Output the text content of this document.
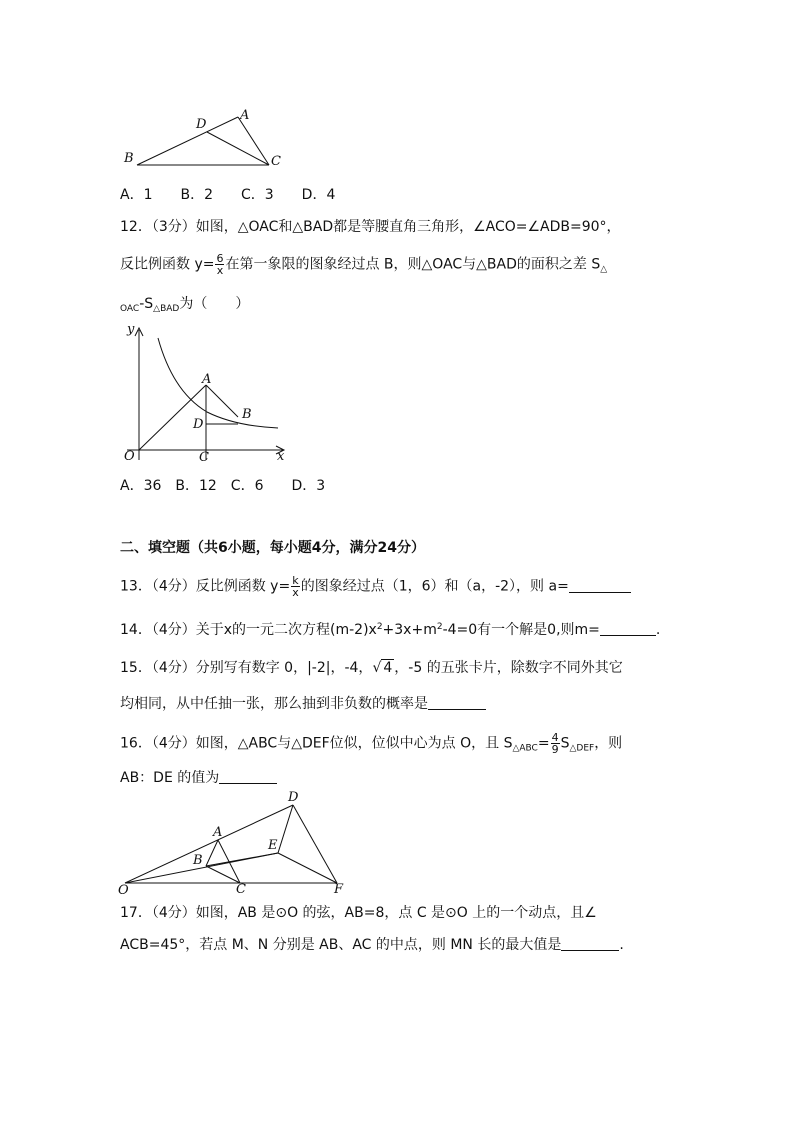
B
D
A
C
A．1　　B．2　　C．3　　D．4
12．（3分）如图，△OAC和△BAD都是等腰直角三角形，∠ACO=∠ADB=90°，
反比例函数 $y= \frac{6}{x}$ 在第一象限的图象经过点 B，则△OAC与△BAD的面积之差 $S_\triangle$
$_{OAC}-S_{\triangle BAD}$为（　　）
y
x
O
A
B
C
D
A．36　B．12　C．6　　D．3
二、填空题（共6小题，每小题4分，满分24分）
13．（4分）反比例函数 $y= \frac{k}{x}$ 的图象经过点（1，6）和（a，-2），则 a=
14．（4分）关于x的一元二次方程$(m-2)x^2+3x+m^2-4=0$有一个解是0,则m=	.
15．（4分）分别写有数字 0，|-2|，-4，√ 4 ，-5 的五张卡片，除数字不同外其它
均相同，从中任抽一张，那么抽到非负数的概率是
16．（4分）如图，△ABC与△DEF位似，位似中心为点 O，且 $S_{\triangle ABC}= \frac{4}{9} S_{\triangle DEF}$，则
AB：DE 的值为
O
A
B
C
D
E
F
17．（4分）如图，AB 是⊙O 的弦，AB=8，点 C 是⊙O 上的一个动点，且∠
ACB=45°，若点 M、N 分别是 AB、AC 的中点，则 MN 长的最大值是	.
